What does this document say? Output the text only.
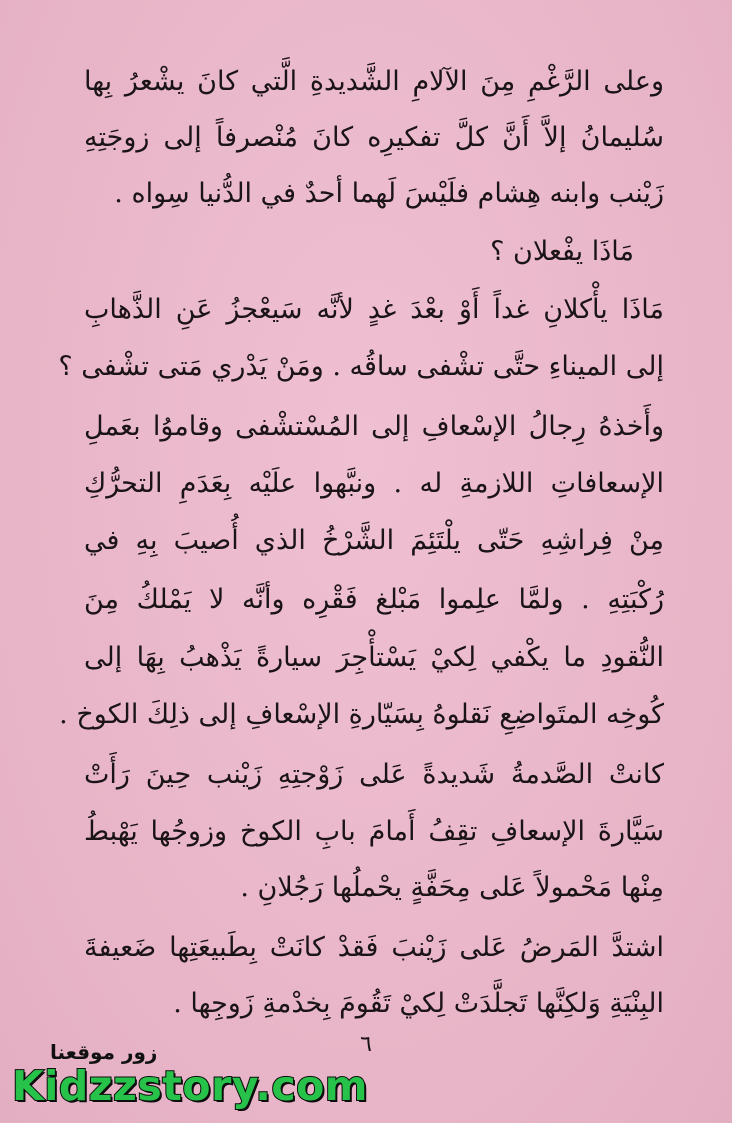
وعلى الرَّغْمِ مِنَ الآلامِ الشَّديدةِ الَّتي كانَ يشْعرُ بِها
سُليمانُ إلاَّ أَنَّ كلَّ تفكيرِه كانَ مُنْصرفاً إلى زوجَتِهِ
زَيْنب وابنه هِشام فلَيْسَ لَهما أحدٌ في الدُّنيا سِواه .
مَاذَا يفْعلان ؟
مَاذَا يأْكلانِ غداً أَوْ بعْدَ غدٍ لأنَّه سَيعْجزُ عَنِ الذَّهابِ
إلى الميناءِ حتَّى تشْفى ساقُه . ومَنْ يَدْري مَتى تشْفى ؟
وأَخذهُ رِجالُ الإسْعافِ إلى المُسْتشْفى وقاموُا بعَملِ
الإسعافاتِ اللازمةِ له . ونبَّهوا علَيْه بِعَدَمِ التحرُّكِ
مِنْ فِراشِهِ حَتّى يلْتَئِمَ الشَّرْخُ الذي أُصيبَ بِهِ في
رُكْبَتِهِ . ولمَّا علِموا مَبْلغ فَقْرِه وأنَّه لا يَمْلكُ مِنَ
النُّقودِ ما يكْفي لِكيْ يَسْتأْجِرَ سيارةً يَذْهبُ بِهَا إلى
كُوخِه المتَواضِعِ نَقلوهُ بِسَيّارةِ الإسْعافِ إلى ذلِكَ الكوخ .
كانتْ الصَّدمةُ شَديدةً عَلى زَوْجتِهِ زَيْنب حِينَ رَأَتْ
سَيَّارةَ الإسعافِ تقِفُ أَمامَ بابِ الكوخ وزوجُها يَهْبطُ
مِنْها مَحْمولاً عَلى مِحَفَّةٍ يحْملُها رَجُلانِ .
اشتدَّ المَرضُ عَلى زَيْنبَ فَقدْ كانَتْ بِطَبيعَتِها ضَعيفةَ
البِنْيَةِ وَلكِنَّها تَجلَّدَتْ لِكيْ تَقُومَ بِخدْمةِ زَوجِها .
٦
زور موقعنا
Kidzzstory.com
